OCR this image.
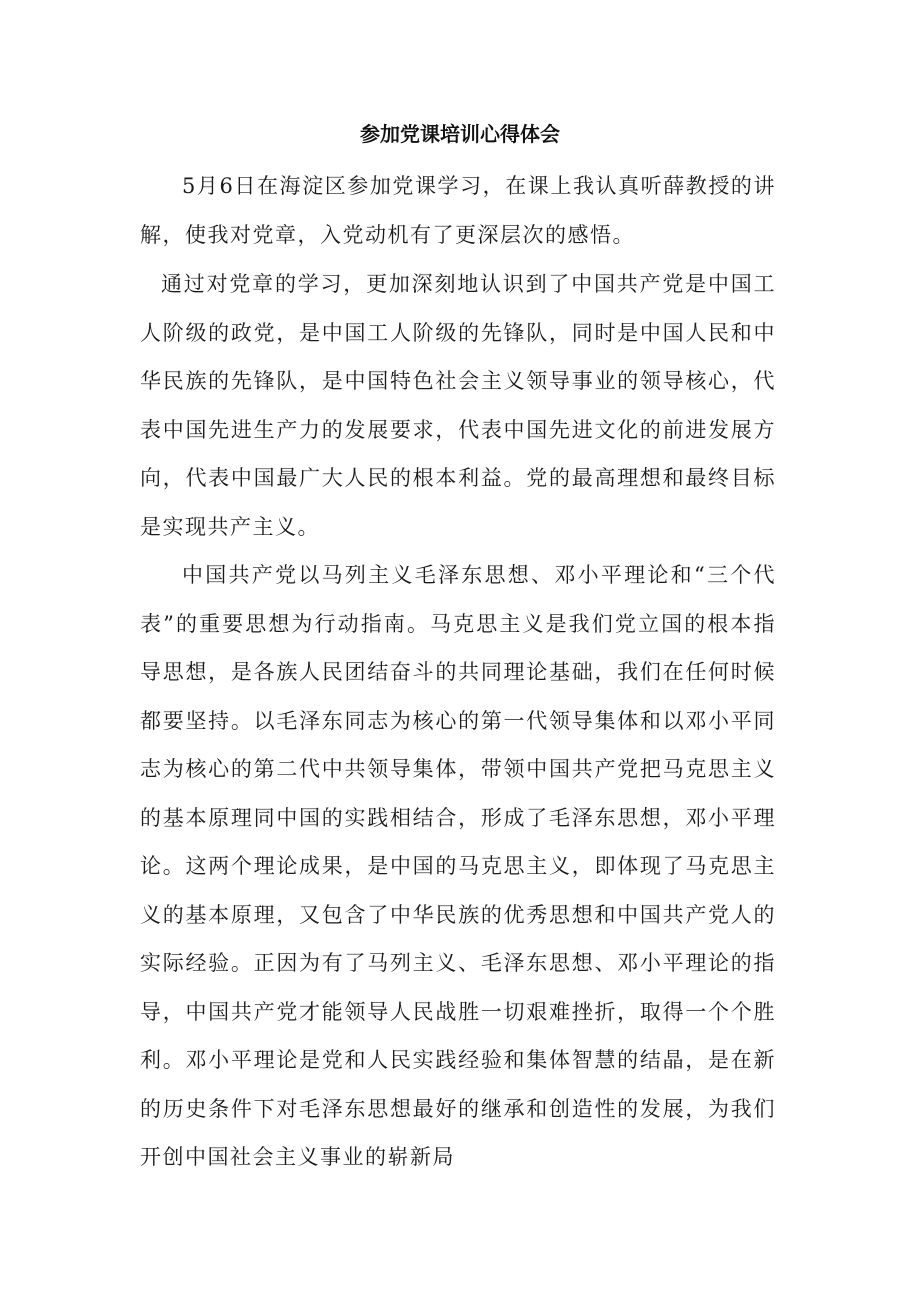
参加党课培训心得体会

5月6日在海淀区参加党课学习，在课上我认真听薛教授的讲解，使我对党章，入党动机有了更深层次的感悟。

通过对党章的学习，更加深刻地认识到了中国共产党是中国工人阶级的政党，是中国工人阶级的先锋队，同时是中国人民和中华民族的先锋队，是中国特色社会主义领导事业的领导核心，代表中国先进生产力的发展要求，代表中国先进文化的前进发展方向，代表中国最广大人民的根本利益。党的最高理想和最终目标是实现共产主义。

中国共产党以马列主义毛泽东思想、邓小平理论和“三个代表”的重要思想为行动指南。马克思主义是我们党立国的根本指导思想，是各族人民团结奋斗的共同理论基础，我们在任何时候都要坚持。以毛泽东同志为核心的第一代领导集体和以邓小平同志为核心的第二代中共领导集体，带领中国共产党把马克思主义的基本原理同中国的实践相结合，形成了毛泽东思想，邓小平理论。这两个理论成果，是中国的马克思主义，即体现了马克思主义的基本原理，又包含了中华民族的优秀思想和中国共产党人的实际经验。正因为有了马列主义、毛泽东思想、邓小平理论的指导，中国共产党才能领导人民战胜一切艰难挫折，取得一个个胜利。邓小平理论是党和人民实践经验和集体智慧的结晶，是在新的历史条件下对毛泽东思想最好的继承和创造性的发展，为我们开创中国社会主义事业的崭新局
